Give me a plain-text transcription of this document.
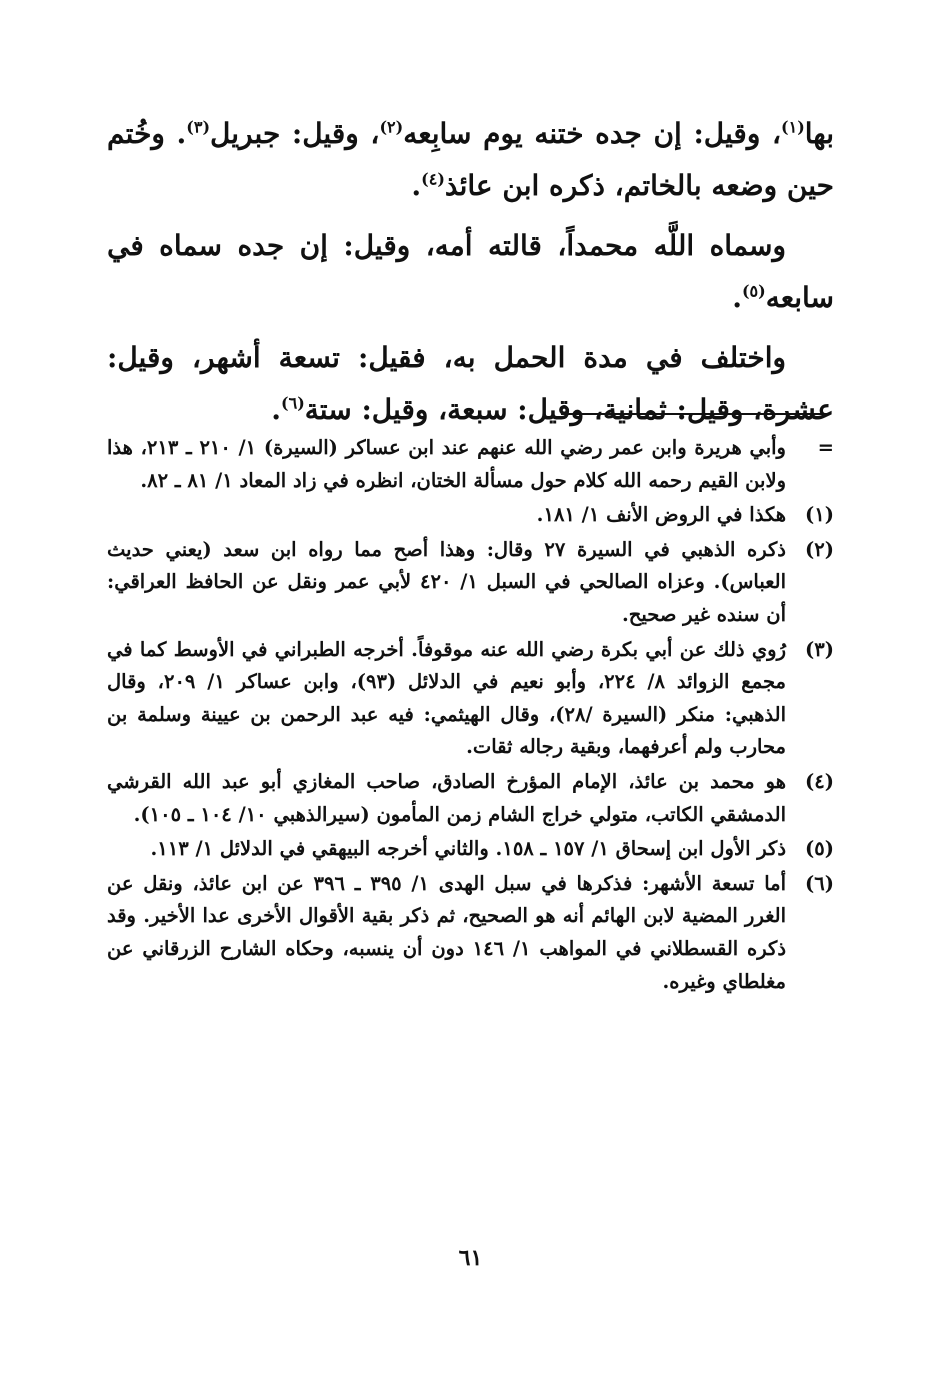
بها$^{(١)}$، وقيل: إن جده ختنه يوم سابِعه$^{(٢)}$، وقيل: جبريل$^{(٣)}$. وخُتم حين وضعه بالخاتم، ذكره ابن عائذ$^{(٤)}$.

وسماه اللَّه محمداً، قالته أمه، وقيل: إن جده سماه في سابعه$^{(٥)}$.

واختلف في مدة الحمل به، فقيل: تسعة أشهر، وقيل: عشرة، وقيل: ثمانية، وقيل: سبعة، وقيل: ستة$^{(٦)}$.

=
وأبي هريرة وابن عمر رضي الله عنهم عند ابن عساكر (السيرة) ١/ ٢١٠ ـ ٢١٣، هذا ولابن القيم رحمه الله كلام حول مسألة الختان، انظره في زاد المعاد ١/ ٨١ ـ ٨٢.
(١)
هكذا في الروض الأنف ١/ ١٨١.
(٢)
ذكره الذهبي في السيرة ٢٧ وقال: وهذا أصح مما رواه ابن سعد (يعني حديث العباس). وعزاه الصالحي في السبل ١/ ٤٢٠ لأبي عمر ونقل عن الحافظ العراقي: أن سنده غير صحيح.
(٣)
رُوي ذلك عن أبي بكرة رضي الله عنه موقوفاً. أخرجه الطبراني في الأوسط كما في مجمع الزوائد ٨/ ٢٢٤، وأبو نعيم في الدلائل (٩٣)، وابن عساكر ١/ ٢٠٩، وقال الذهبي: منكر (السيرة /٢٨)، وقال الهيثمي: فيه عبد الرحمن بن عيينة وسلمة بن محارب ولم أعرفهما، وبقية رجاله ثقات.
(٤)
هو محمد بن عائذ، الإمام المؤرخ الصادق، صاحب المغازي أبو عبد الله القرشي الدمشقي الكاتب، متولي خراج الشام زمن المأمون (سيرالذهبي ١٠/ ١٠٤ ـ ١٠٥).
(٥)
ذكر الأول ابن إسحاق ١/ ١٥٧ ـ ١٥٨. والثاني أخرجه البيهقي في الدلائل ١/ ١١٣.
(٦)
أما تسعة الأشهر: فذكرها في سبل الهدى ١/ ٣٩٥ ـ ٣٩٦ عن ابن عائذ، ونقل عن الغرر المضية لابن الهائم أنه هو الصحيح، ثم ذكر بقية الأقوال الأخرى عدا الأخير. وقد ذكره القسطلاني في المواهب ١/ ١٤٦ دون أن ينسبه، وحكاه الشارح الزرقاني عن مغلطاي وغيره.
٦١
